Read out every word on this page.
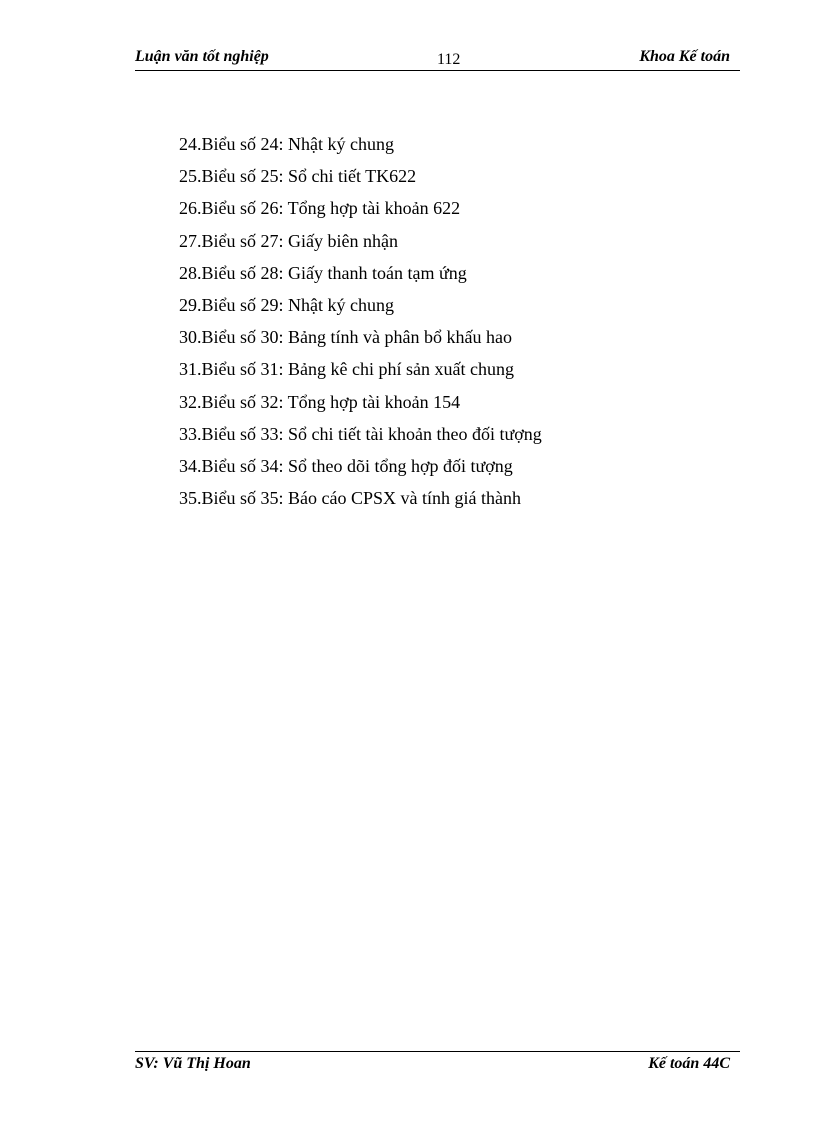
Luận văn tốt nghiệp	112	Khoa Kế toán
24.Biểu số 24: Nhật ký chung
25.Biểu số 25: Sổ chi tiết TK622
26.Biểu số 26: Tổng hợp tài khoản 622
27.Biểu số 27: Giấy biên nhận
28.Biểu số 28: Giấy thanh toán tạm ứng
29.Biểu số 29: Nhật ký chung
30.Biểu số 30: Bảng tính và phân bổ khấu hao
31.Biểu số 31: Bảng kê chi phí sản xuất chung
32.Biểu số 32: Tổng hợp tài khoản 154
33.Biểu số 33: Sổ chi tiết tài khoản theo đối tượng
34.Biểu số 34: Sổ theo dõi tổng hợp đối tượng
35.Biểu số 35: Báo cáo CPSX và tính giá thành
SV: Vũ Thị Hoan	Kế toán 44C
